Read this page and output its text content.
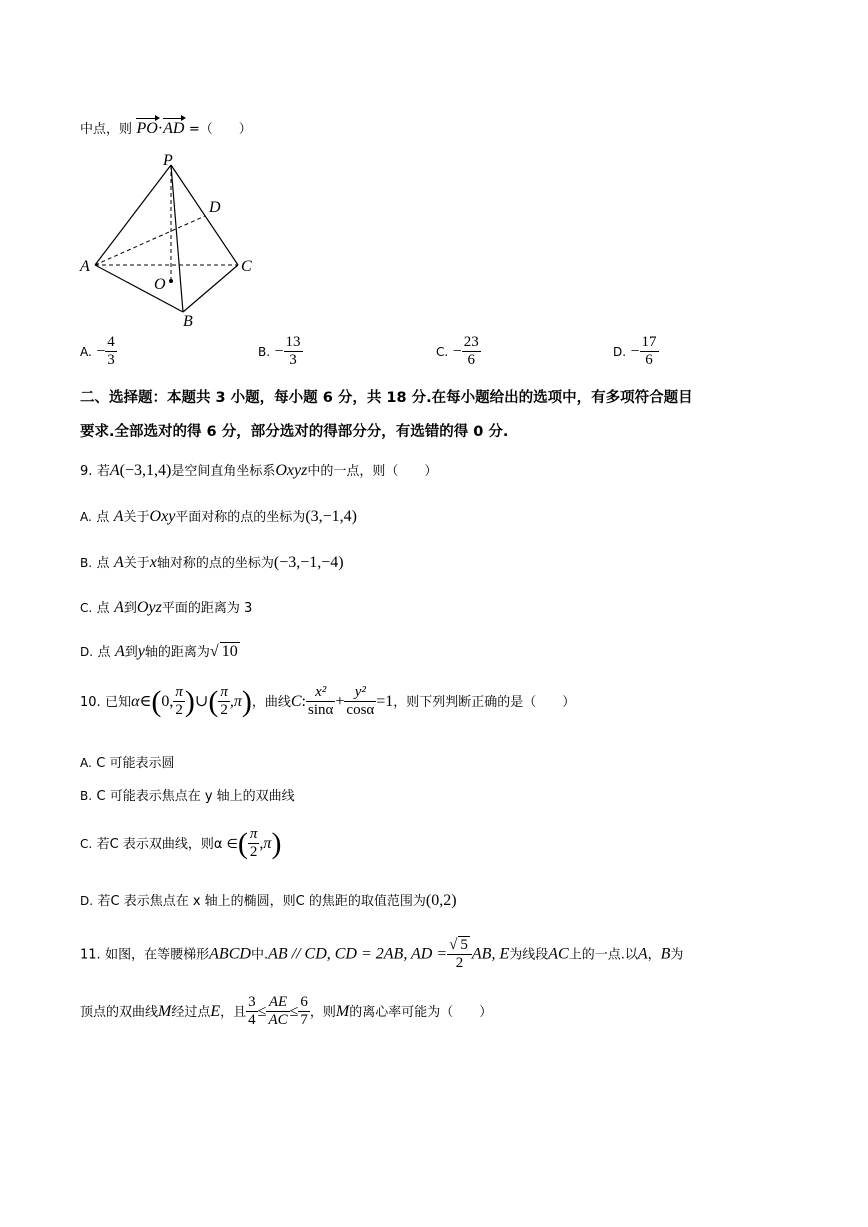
中点，则 PO·AD =（　　）
P
D
A	C
O
B
A. − $\frac{4}{3}$	B. − $\frac{13}{3}$	C. − $\frac{23}{6}$	D. − $\frac{17}{6}$
二、选择题：本题共 3 小题，每小题 6 分，共 18 分.在每小题给出的选项中，有多项符合题目
要求.全部选对的得 6 分，部分选对的得部分分，有选错的得 0 分.
9. 若A(−3,1,4)是空间直角坐标系Oxyz中的一点，则（　　）
A. 点 A关于Oxy平面对称的点的坐标为(3,−1,4)
B. 点 A关于x轴对称的点的坐标为(−3,−1,−4)
C. 点 A到Oyz平面的距离为 3
D. 点 A到y轴的距离为√ 10
10. 已知α∈(0, $\frac{\pi}{2}$ )∪( $\frac{\pi}{2} ,\pi$)，曲线C: $\frac{\text{x²}}{\sin\alpha} + \frac{\text{y²}}{\cos\alpha} =1$，则下列判断正确的是（　　）
A. C 可能表示圆
B. C 可能表示焦点在 y 轴上的双曲线
C. 若C 表示双曲线，则α ∈( $\frac{\pi}{2} ,\pi$)
D. 若C 表示焦点在 x 轴上的椭圆，则C 的焦距的取值范围为(0,2)
11. 如图，在等腰梯形ABCD中.AB // CD, CD = 2AB, AD = $\frac{√ 5}{2}$ AB, E为线段AC上的一点.以A，B为
顶点的双曲线M经过点E，且 $\frac{3}{4} \le \frac{AE}{AC} \le \frac{6}{7}$ ，则M的离心率可能为（　　）
